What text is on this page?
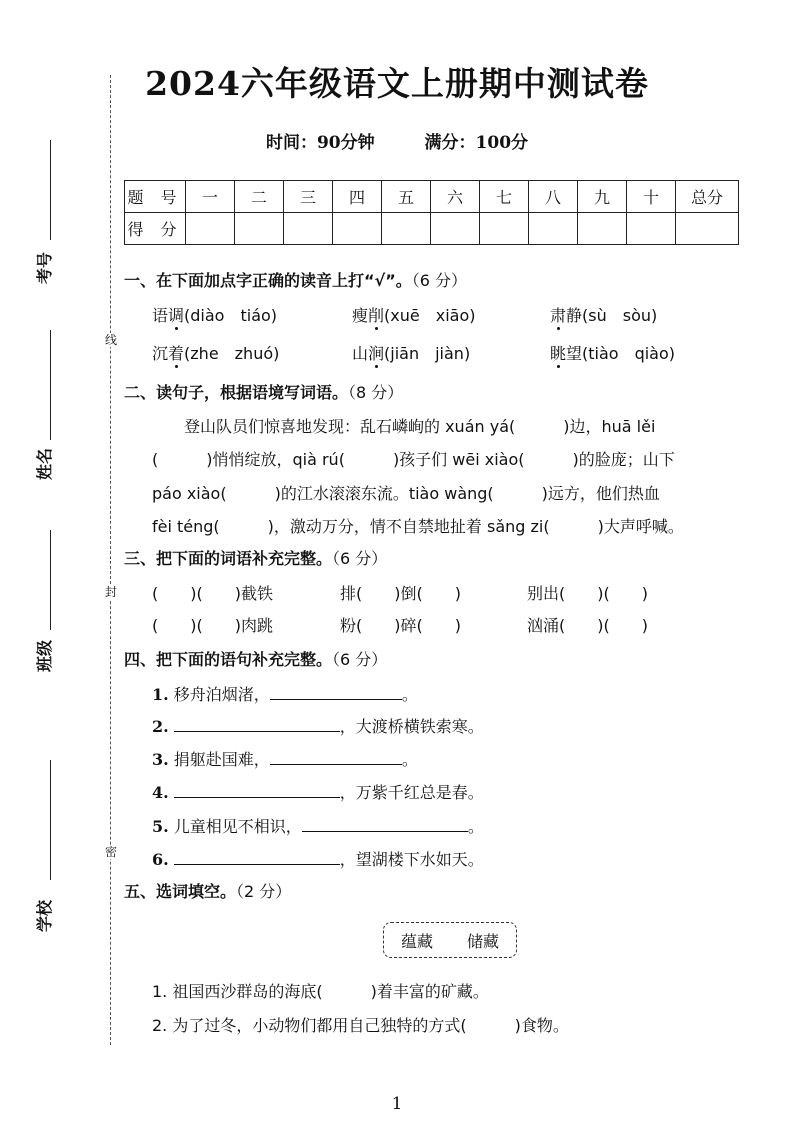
2024六年级语文上册期中测试卷
时间：90分钟	满分：100分
线
封
密
考号
姓名
班级
学校
题 号	一	二	三	四	五	六	七	八	九	十	总分
得 分											
一、在下面加点字正确的读音上打“√”。（6 分）
语调(diào　tiáo)	瘦削(xuē　xiāo)	肃静(sù　sòu)
沉着(zhe　zhuó)	山涧(jiān　jiàn)	眺望(tiào　qiào)
二、读句子，根据语境写词语。（8 分）
　　登山队员们惊喜地发现：乱石嶙峋的 xuán yá(　　　)边，huā lěi
(　　　)悄悄绽放，qià rú(　　　)孩子们 wēi xiào(　　　)的脸庞；山下
páo xiào(　　　)的江水滚滚东流。tiào wàng(　　　)远方，他们热血
fèi téng(　　　)，激动万分，情不自禁地扯着 sǎng zi(　　　)大声呼喊。
三、把下面的词语补充完整。（6 分）
(　　)(　　)截铁	排(　　)倒(　　)	别出(　　)(　　)
(　　)(　　)肉跳	粉(　　)碎(　　)	汹涌(　　)(　　)
四、把下面的语句补充完整。（6 分）
1. 移舟泊烟渚，	。
2.	，大渡桥横铁索寒。
3. 捐躯赴国难，	。
4.	，万紫千红总是春。
5. 儿童相见不相识，	。
6.	，望湖楼下水如天。
五、选词填空。（2 分）
蕴藏 储藏
1. 祖国西沙群岛的海底(　　　)着丰富的矿藏。
2. 为了过冬，小动物们都用自己独特的方式(　　　)食物。
1
